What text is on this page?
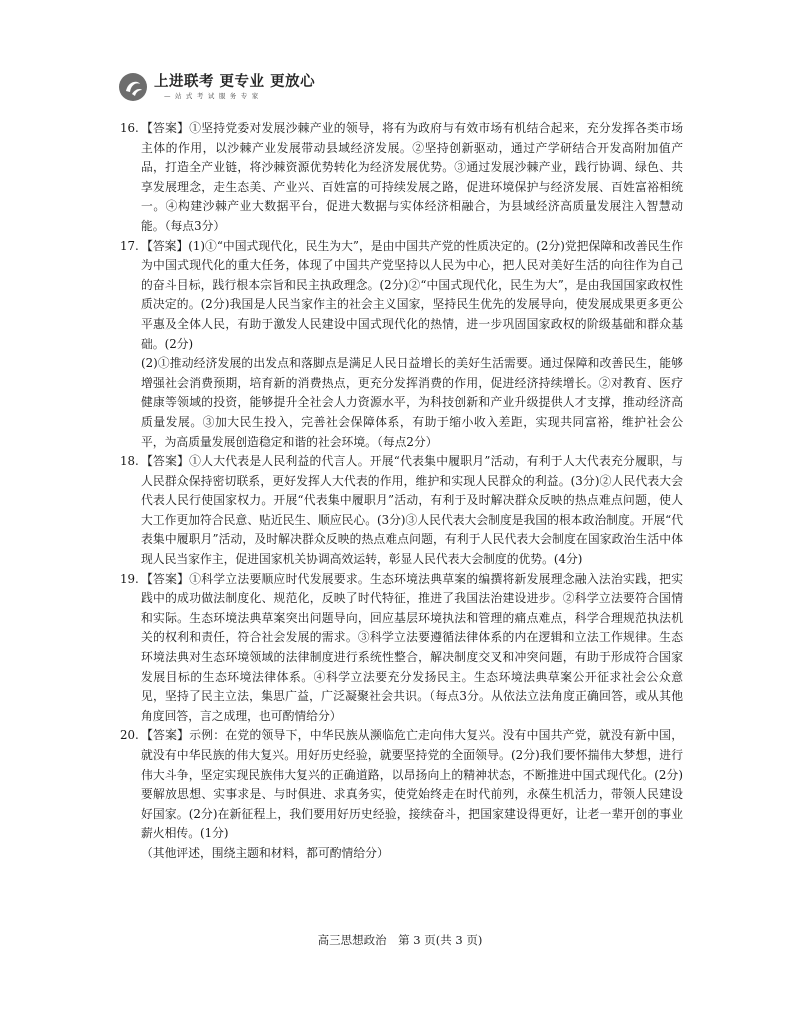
上进联考 更专业 更放心
— 站 式 考 试 服 务 专 家

16. 【答案】①坚持党委对发展沙棘产业的领导，将有为政府与有效市场有机结合起来，充分发挥各类市场主体的作用，以沙棘产业发展带动县域经济发展。②坚持创新驱动，通过产学研结合开发高附加值产品，打造全产业链，将沙棘资源优势转化为经济发展优势。③通过发展沙棘产业，践行协调、绿色、共享发展理念，走生态美、产业兴、百姓富的可持续发展之路，促进环境保护与经济发展、百姓富裕相统一。④构建沙棘产业大数据平台，促进大数据与实体经济相融合，为县域经济高质量发展注入智慧动能。（每点3分）

17. 【答案】(1)①“中国式现代化，民生为大”，是由中国共产党的性质决定的。(2分)党把保障和改善民生作为中国式现代化的重大任务，体现了中国共产党坚持以人民为中心，把人民对美好生活的向往作为自己的奋斗目标，践行根本宗旨和民主执政理念。(2分)②“中国式现代化，民生为大”，是由我国国家政权性质决定的。(2分)我国是人民当家作主的社会主义国家，坚持民生优先的发展导向，使发展成果更多更公平惠及全体人民，有助于激发人民建设中国式现代化的热情，进一步巩固国家政权的阶级基础和群众基础。(2分)

(2)①推动经济发展的出发点和落脚点是满足人民日益增长的美好生活需要。通过保障和改善民生，能够增强社会消费预期，培育新的消费热点，更充分发挥消费的作用，促进经济持续增长。②对教育、医疗健康等领域的投资，能够提升全社会人力资源水平，为科技创新和产业升级提供人才支撑，推动经济高质量发展。③加大民生投入，完善社会保障体系，有助于缩小收入差距，实现共同富裕，维护社会公平，为高质量发展创造稳定和谐的社会环境。（每点2分）

18. 【答案】①人大代表是人民利益的代言人。开展“代表集中履职月”活动，有利于人大代表充分履职，与人民群众保持密切联系，更好发挥人大代表的作用，维护和实现人民群众的利益。(3分)②人民代表大会代表人民行使国家权力。开展“代表集中履职月”活动，有利于及时解决群众反映的热点难点问题，使人大工作更加符合民意、贴近民生、顺应民心。(3分)③人民代表大会制度是我国的根本政治制度。开展“代表集中履职月”活动，及时解决群众反映的热点难点问题，有利于人民代表大会制度在国家政治生活中体现人民当家作主，促进国家机关协调高效运转，彰显人民代表大会制度的优势。(4分)

19. 【答案】①科学立法要顺应时代发展要求。生态环境法典草案的编撰将新发展理念融入法治实践，把实践中的成功做法制度化、规范化，反映了时代特征，推进了我国法治建设进步。②科学立法要符合国情和实际。生态环境法典草案突出问题导向，回应基层环境执法和管理的痛点难点，科学合理规范执法机关的权利和责任，符合社会发展的需求。③科学立法要遵循法律体系的内在逻辑和立法工作规律。生态环境法典对生态环境领域的法律制度进行系统性整合，解决制度交叉和冲突问题，有助于形成符合国家发展目标的生态环境法律体系。④科学立法要充分发扬民主。生态环境法典草案公开征求社会公众意见，坚持了民主立法，集思广益，广泛凝聚社会共识。（每点3分。从依法立法角度正确回答，或从其他角度回答，言之成理，也可酌情给分）

20. 【答案】示例：在党的领导下，中华民族从濒临危亡走向伟大复兴。没有中国共产党，就没有新中国，就没有中华民族的伟大复兴。用好历史经验，就要坚持党的全面领导。(2分)我们要怀揣伟大梦想，进行伟大斗争，坚定实现民族伟大复兴的正确道路，以昂扬向上的精神状态，不断推进中国式现代化。(2分)要解放思想、实事求是、与时俱进、求真务实，使党始终走在时代前列，永葆生机活力，带领人民建设好国家。(2分)在新征程上，我们要用好历史经验，接续奋斗，把国家建设得更好，让老一辈开创的事业薪火相传。(1分)

（其他评述，围绕主题和材料，都可酌情给分）

高三思想政治　第 3 页(共 3 页)
